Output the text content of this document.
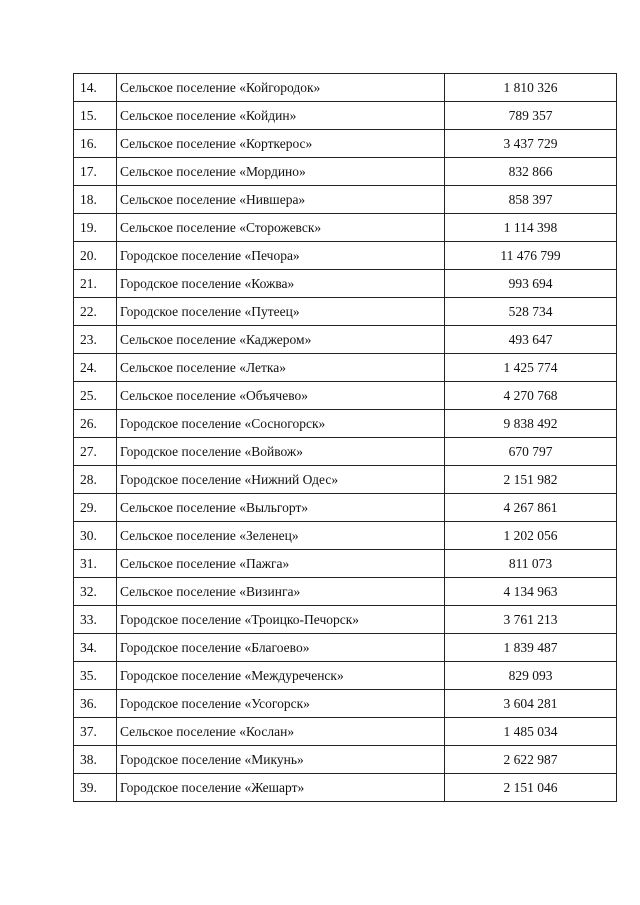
14.	Сельское поселение «Койгородок»	1 810 326
15.	Сельское поселение «Койдин»	789 357
16.	Сельское поселение «Корткерос»	3 437 729
17.	Сельское поселение «Мордино»	832 866
18.	Сельское поселение «Нившера»	858 397
19.	Сельское поселение «Сторожевск»	1 114 398
20.	Городское поселение «Печора»	11 476 799
21.	Городское поселение «Кожва»	993 694
22.	Городское поселение «Путеец»	528 734
23.	Сельское поселение «Каджером»	493 647
24.	Сельское поселение «Летка»	1 425 774
25.	Сельское поселение «Объячево»	4 270 768
26.	Городское поселение «Сосногорск»	9 838 492
27.	Городское поселение «Войвож»	670 797
28.	Городское поселение «Нижний Одес»	2 151 982
29.	Сельское поселение «Выльгорт»	4 267 861
30.	Сельское поселение «Зеленец»	1 202 056
31.	Сельское поселение «Пажга»	811 073
32.	Сельское поселение «Визинга»	4 134 963
33.	Городское поселение «Троицко-Печорск»	3 761 213
34.	Городское поселение «Благоево»	1 839 487
35.	Городское поселение «Междуреченск»	829 093
36.	Городское поселение «Усогорск»	3 604 281
37.	Сельское поселение «Кослан»	1 485 034
38.	Городское поселение «Микунь»	2 622 987
39.	Городское поселение «Жешарт»	2 151 046
